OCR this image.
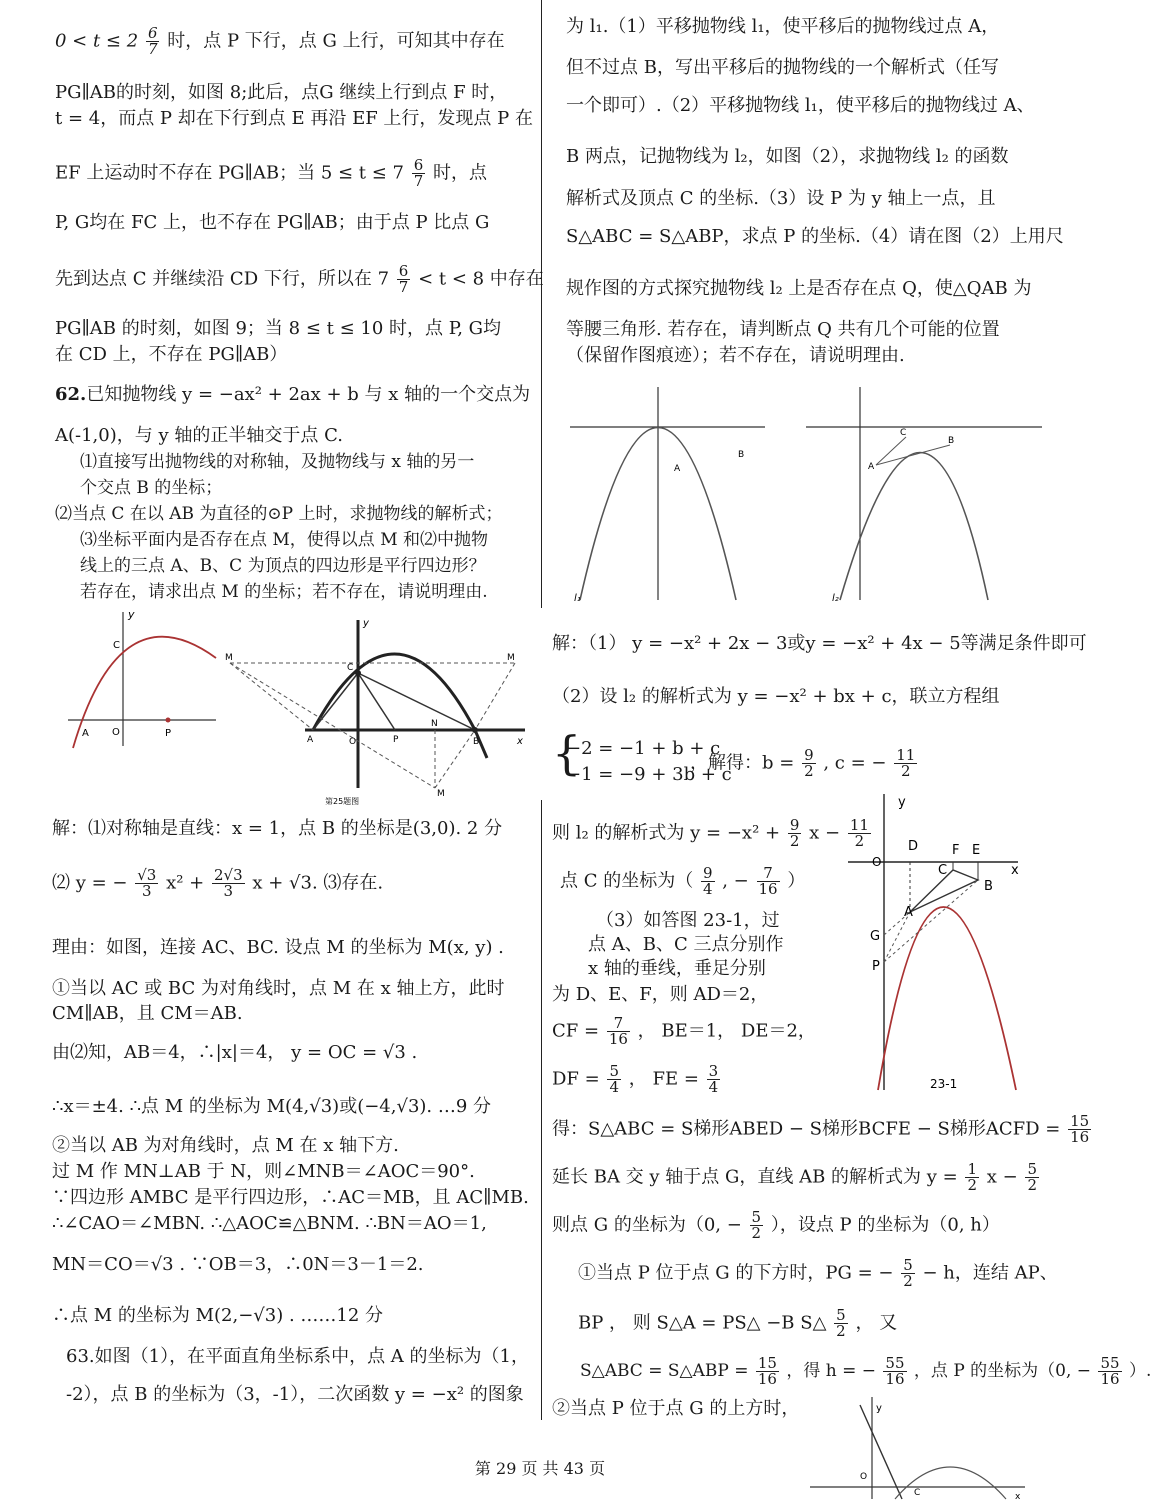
$0 < t \le 2 \frac{6}{7}$ 时，点 P 下行，点 G 上行，可知其中存在
PG∥AB的时刻，如图 8;此后，点G 继续上行到点 F 时，
t = 4，而点 P 却在下行到点 E 再沿 EF 上行，发现点 P 在
EF 上运动时不存在 PG∥AB；当 $5 \le t \le 7 \frac{6}{7}$ 时，点
P, G均在 FC 上，也不存在 PG∥AB；由于点 P 比点 G
先到达点 C 并继续沿 CD 下行，所以在 $7 \frac{6}{7} < t < 8$ 中存在
PG∥AB 的时刻，如图 9；当 8 ≤ t ≤ 10 时，点 P, G均
在 CD 上，不存在 PG∥AB）
62.已知抛物线 y = −ax² + 2ax + b 与 x 轴的一个交点为
A(-1,0)，与 y 轴的正半轴交于点 C.
⑴直接写出抛物线的对称轴，及抛物线与 x 轴的另一
个交点 B 的坐标；
⑵当点 C 在以 AB 为直径的⊙P 上时，求抛物线的解析式；
⑶坐标平面内是否存在点 M，使得以点 M 和⑵中抛物
线上的三点 A、B、C 为顶点的四边形是平行四边形？
若存在，请求出点 M 的坐标；若不存在，请说明理由.
y
C
A O	P
y
x
C
M	M
A	O	P
N
B
M
第25题图
解：⑴对称轴是直线：x = 1，点 B 的坐标是(3,0). 2 分
⑵ y = − $\frac{√3}{3} x^2 + \frac{2√3}{3}$ x + √3. ⑶存在.
理由：如图，连接 AC、BC. 设点 M 的坐标为 M(x, y) .
①当以 AC 或 BC 为对角线时，点 M 在 x 轴上方，此时
CM∥AB，且 CM＝AB.
由⑵知，AB＝4，∴|x|＝4， y = OC = √3 .
∴x＝±4. ∴点 M 的坐标为 M(4,√3)或(−4,√3). …9 分
②当以 AB 为对角线时，点 M 在 x 轴下方.
过 M 作 MN⊥AB 于 N，则∠MNB＝∠AOC＝90°.
∵四边形 AMBC 是平行四边形，∴AC＝MB，且 AC∥MB.
∴∠CAO＝∠MBN. ∴△AOC≌△BNM. ∴BN＝AO＝1,
MN＝CO＝√3 . ∵OB＝3，∴0N＝3－1＝2.
∴点 M 的坐标为 M(2,−√3) . ……12 分
63.如图（1），在平面直角坐标系中，点 A 的坐标为（1，
-2），点 B 的坐标为（3，-1），二次函数 y = −x² 的图象
为 l₁.（1）平移抛物线 l₁，使平移后的抛物线过点 A，
但不过点 B，写出平移后的抛物线的一个解析式（任写
一个即可）.（2）平移抛物线 l₁，使平移后的抛物线过 A、
B 两点，记抛物线为 l₂，如图（2），求抛物线 l₂ 的函数
解析式及顶点 C 的坐标.（3）设 P 为 y 轴上一点，且
S△ABC = S△ABP，求点 P 的坐标.（4）请在图（2）上用尺
规作图的方式探究抛物线 l₂ 上是否存在点 Q，使△QAB 为
等腰三角形. 若存在，请判断点 Q 共有几个可能的位置
（保留作图痕迹）；若不存在，请说明理由.
A
B
l₁
C
B
A
l₂
解：（1） y = −x² + 2x − 3或y = −x² + 4x − 5等满足条件即可
（2）设 l₂ 的解析式为 y = −x² + bx + c，联立方程组
{
−2 = −1 + b + c
−1 = −9 + 3b + c
，解得：$b = \frac{9}{2}$ , c = − $\frac{11}{2}$
则 l₂ 的解析式为 $y = -x^2 + \frac{9}{2}$ $x - \frac{11}{2}$
点 C 的坐标为（ $\frac{9}{4}$ , − $\frac{7}{16}$ ）
（3）如答图 23-1，过
点 A、B、C 三点分别作
x 轴的垂线，垂足分别
为 D、E、F，则 AD＝2，
CF = $\frac{7}{16}$ ， BE＝1， DE＝2，
DF = $\frac{5}{4}$ ， FE = $\frac{3}{4}$
y
x
O
D	F E
C
B
A
G
P
23-1
得：S△ABC = S梯形ABED − S梯形BCFE − S梯形ACFD = $\frac{15}{16}$
延长 BA 交 y 轴于点 G，直线 AB 的解析式为 $y = \frac{1}{2}$ $x - \frac{5}{2}$
则点 G 的坐标为（0, − $\frac{5}{2}$ ），设点 P 的坐标为（0, h）
①当点 P 位于点 G 的下方时，PG = − $\frac{5}{2} - h$，连结 AP、
BP ， 则 S△A = PS△ −B S△ $\frac{5}{2}$ ， 又
S△ABC = S△ABP = $\frac{15}{16}$ ，得 h = − $\frac{55}{16}$ ，点 P 的坐标为（0, − $\frac{55}{16}$ ）.
②当点 P 位于点 G 的上方时，	y
O
C	x
第 29 页 共 43 页
